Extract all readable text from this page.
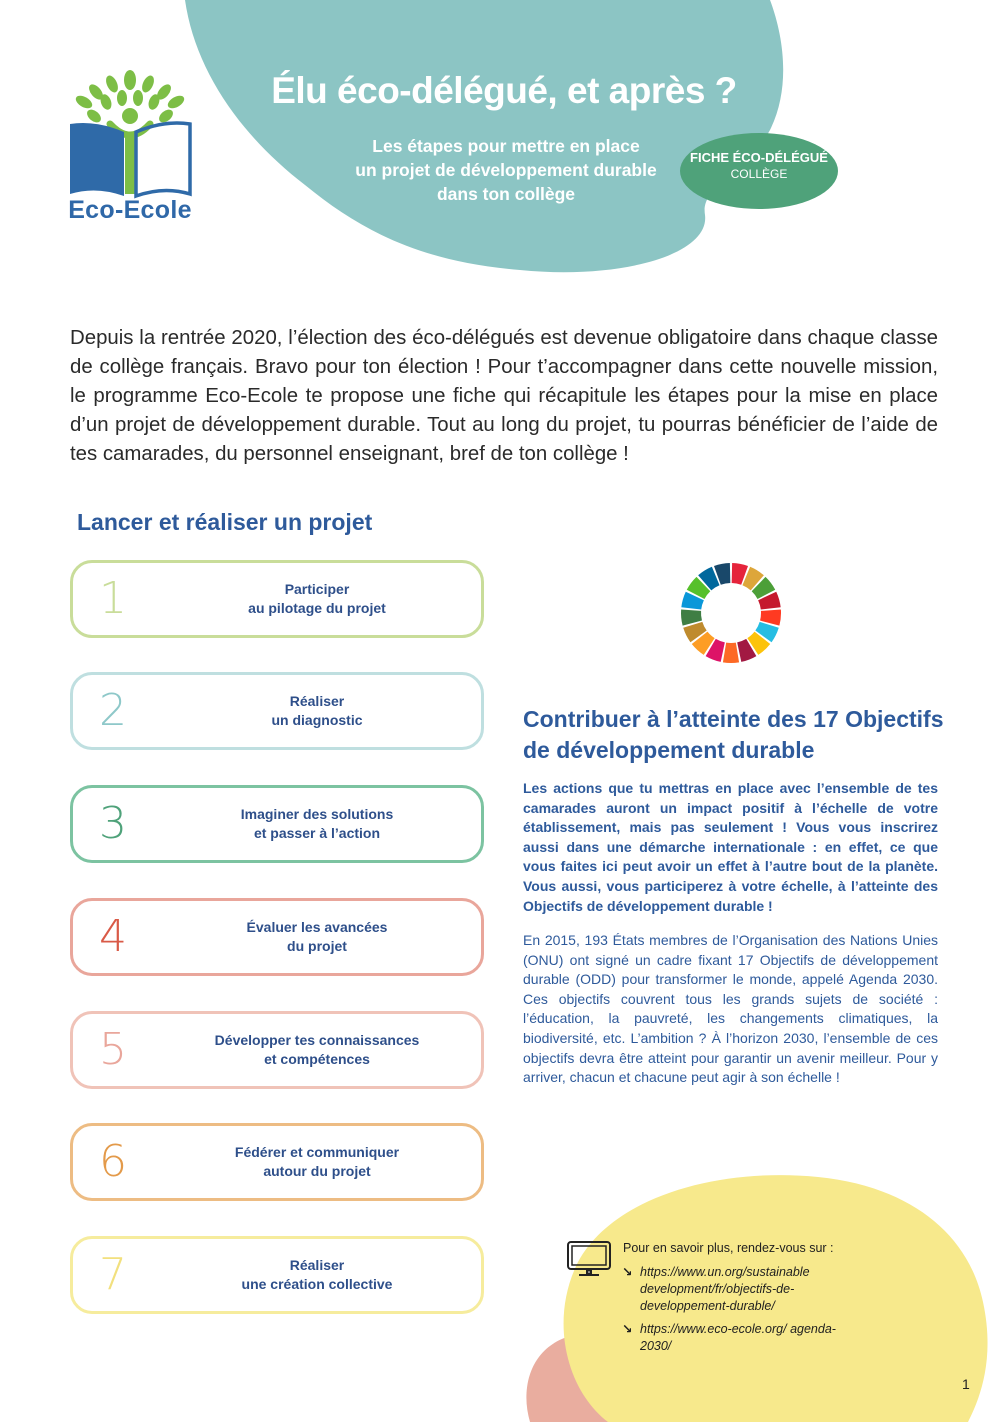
Eco-Ecole
Élu éco-délégué, et après ?
Les étapes pour mettre en place
un projet de développement durable
dans ton collège
FICHE ÉCO-DÉLÉGUÉ
COLLÈGE

Depuis la rentrée 2020, l’élection des éco-délégués est devenue obligatoire dans chaque classe de collège français. Bravo pour ton élection ! Pour t’accompagner dans cette nouvelle mission, le programme Eco-Ecole te propose une fiche qui récapitule les étapes pour la mise en place d’un projet de développement durable. Tout au long du projet, tu pourras bénéficier de l’aide de tes camarades, du personnel enseignant, bref de ton collège !

Lancer et réaliser un projet
1	Participer
au pilotage du projet
2	Réaliser
un diagnostic
3	Imaginer des solutions
et passer à l’action
4	Évaluer les avancées
du projet
5	Développer tes connaissances
et compétences
6	Fédérer et communiquer
autour du projet
7	Réaliser
une création collective
Contribuer à l’atteinte des 17 Objectifs de développement durable

Les actions que tu mettras en place avec l’ensemble de tes camarades auront un impact positif à l’échelle de votre établissement, mais pas seulement ! Vous vous inscrirez aussi dans une démarche internationale : en effet, ce que vous faites ici peut avoir un effet à l’autre bout de la planète. Vous aussi, vous participerez à votre échelle, à l’atteinte des Objectifs de développement durable !

En 2015, 193 États membres de l’Organisation des Nations Unies (ONU) ont signé un cadre fixant 17 Objectifs de développement durable (ODD) pour transformer le monde, appelé Agenda 2030. Ces objectifs couvrent tous les grands sujets de société : l’éducation, la pauvreté, les changements climatiques, la biodiversité, etc. L’ambition ? À l’horizon 2030, l’ensemble de ces objectifs devra être atteint pour garantir un avenir meilleur. Pour y arriver, chacun et chacune peut agir à son échelle !

Pour en savoir plus, rendez-vous sur :

↘ https://www.un.org/sustainable development/fr/objectifs-de-developpement-durable/
↘ https://www.eco-ecole.org/ agenda-2030/
1
